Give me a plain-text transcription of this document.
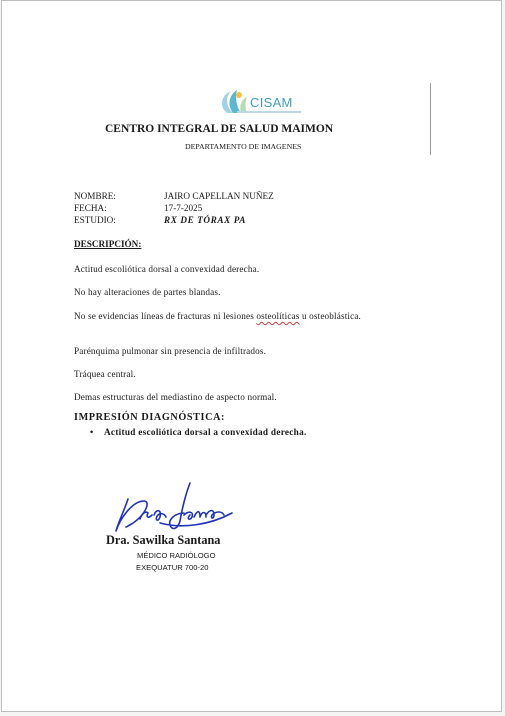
CISAM
CENTRO INTEGRAL DE SALUD MAIMON
DEPARTAMENTO DE IMAGENES
NOMBRE:	JAIRO CAPELLAN NUÑEZ
FECHA:	17-7-2025
ESTUDIO:	RX DE TÓRAX PA
DESCRIPCIÓN:
Actitud escoliótica dorsal a convexidad derecha.
No hay alteraciones de partes blandas.
No se evidencias líneas de fracturas ni lesiones osteolíticas u osteoblástica.
Parénquima pulmonar sin presencia de infiltrados.
Tráquea central.
Demas estructuras del mediastino de aspecto normal.
IMPRESIÓN DIAGNÓSTICA:
• Actitud escoliótica dorsal a convexidad derecha.
Dra. Sawilka Santana
MÉDICO RADIÓLOGO
EXEQUATUR 700-20
